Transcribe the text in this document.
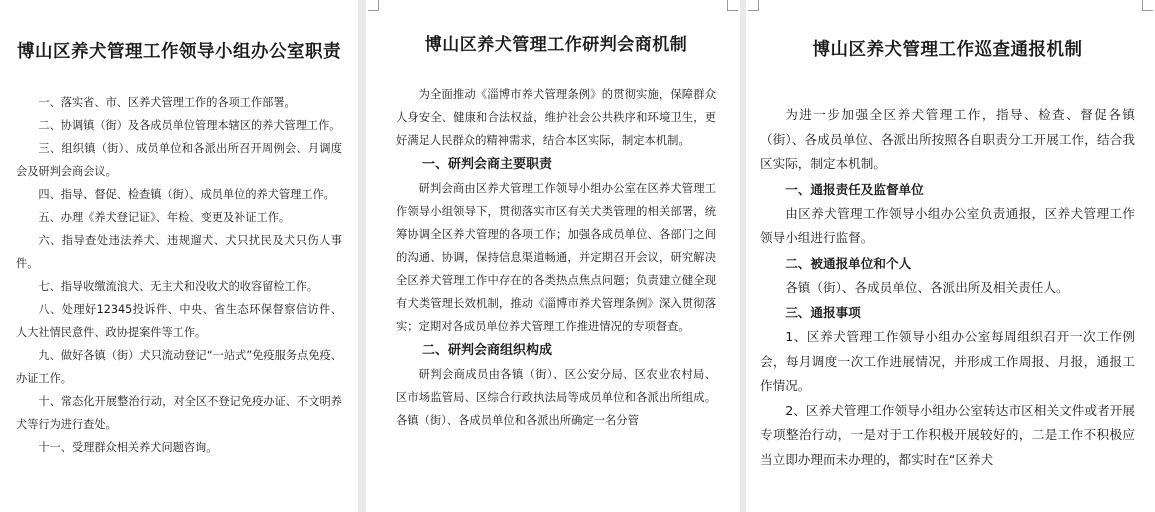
博山区养犬管理工作领导小组办公室职责

一、落实省、市、区养犬管理工作的各项工作部署。

二、协调镇（街）及各成员单位管理本辖区的养犬管理工作。

三、组织镇（街）、成员单位和各派出所召开周例会、月调度会及研判会商会议。

四、指导、督促、检查镇（街）、成员单位的养犬管理工作。

五、办理《养犬登记证》、年检、变更及补证工作。

六、指导查处违法养犬、违规遛犬、犬只扰民及犬只伤人事件。

七、指导收缴流浪犬、无主犬和没收犬的收容留检工作。

八、处理好12345投诉件、中央、省生态环保督察信访件、人大社情民意件、政协提案件等工作。

九、做好各镇（街）犬只流动登记“一站式”免疫服务点免疫、办证工作。

十、常态化开展整治行动，对全区不登记免疫办证、不文明养犬等行为进行查处。

十一、受理群众相关养犬问题咨询。

博山区养犬管理工作研判会商机制

为全面推动《淄博市养犬管理条例》的贯彻实施，保障群众人身安全、健康和合法权益，维护社会公共秩序和环境卫生，更好满足人民群众的精神需求，结合本区实际，制定本机制。

一、研判会商主要职责

研判会商由区养犬管理工作领导小组办公室在区养犬管理工作领导小组领导下，贯彻落实市区有关犬类管理的相关部署，统筹协调全区养犬管理的各项工作；加强各成员单位、各部门之间的沟通、协调，保持信息渠道畅通，并定期召开会议，研究解决全区养犬管理工作中存在的各类热点焦点问题；负责建立健全现有犬类管理长效机制，推动《淄博市养犬管理条例》深入贯彻落实；定期对各成员单位养犬管理工作推进情况的专项督查。

二、研判会商组织构成

研判会商成员由各镇（街）、区公安分局、区农业农村局、区市场监管局、区综合行政执法局等成员单位和各派出所组成。各镇（街）、各成员单位和各派出所确定一名分管

博山区养犬管理工作巡查通报机制

为进一步加强全区养犬管理工作，指导、检查、督促各镇（街）、各成员单位、各派出所按照各自职责分工开展工作，结合我区实际，制定本机制。

一、通报责任及监督单位

由区养犬管理工作领导小组办公室负责通报，区养犬管理工作领导小组进行监督。

二、被通报单位和个人

各镇（街）、各成员单位、各派出所及相关责任人。

三、通报事项

1、区养犬管理工作领导小组办公室每周组织召开一次工作例会，每月调度一次工作进展情况，并形成工作周报、月报，通报工作情况。

2、区养犬管理工作领导小组办公室转达市区相关文件或者开展专项整治行动，一是对于工作积极开展较好的，二是工作不积极应当立即办理而未办理的，都实时在“区养犬
